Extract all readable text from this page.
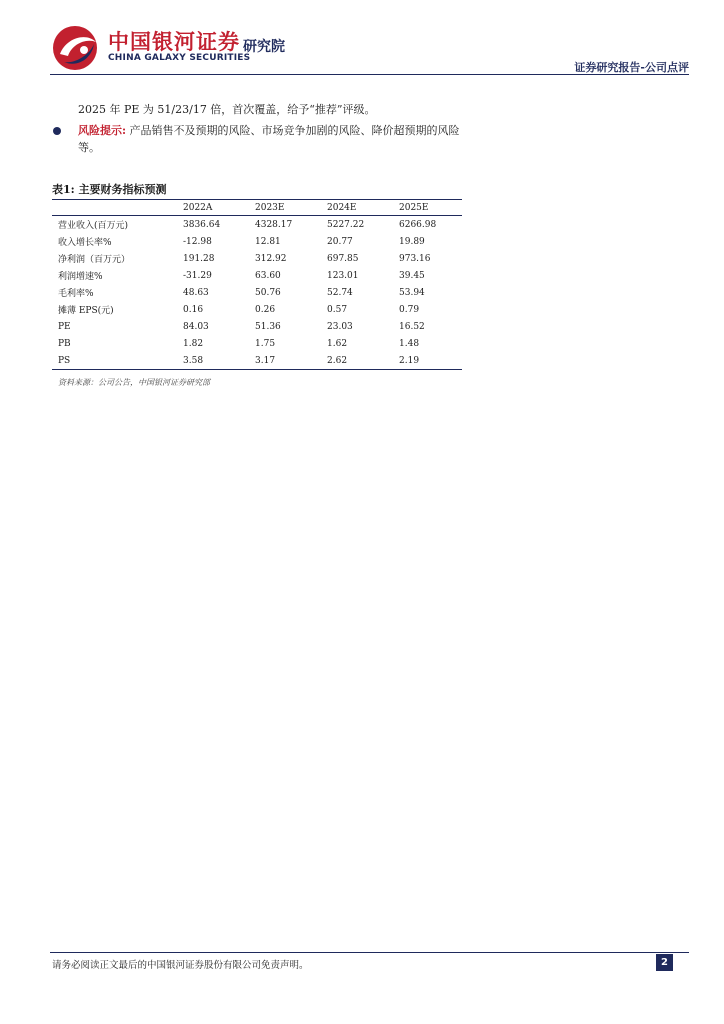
中国银河证券 研究院
CHINA GALAXY SECURITIES
证券研究报告-公司点评
2025 年 PE 为 51/23/17 倍，首次覆盖，给予“推荐”评级。
风险提示: 产品销售不及预期的风险、市场竞争加剧的风险、降价超预期的风险等。
表1: 主要财务指标预测
	2022A	2023E	2024E	2025E
营业收入(百万元)	3836.64	4328.17	5227.22	6266.98
收入增长率%	-12.98	12.81	20.77	19.89
净利润（百万元）	191.28	312.92	697.85	973.16
利润增速%	-31.29	63.60	123.01	39.45
毛利率%	48.63	50.76	52.74	53.94
摊薄 EPS(元)	0.16	0.26	0.57	0.79
PE	84.03	51.36	23.03	16.52
PB	1.82	1.75	1.62	1.48
PS	3.58	3.17	2.62	2.19
资料来源：公司公告，中国银河证券研究部
请务必阅读正文最后的中国银河证券股份有限公司免责声明。	2
